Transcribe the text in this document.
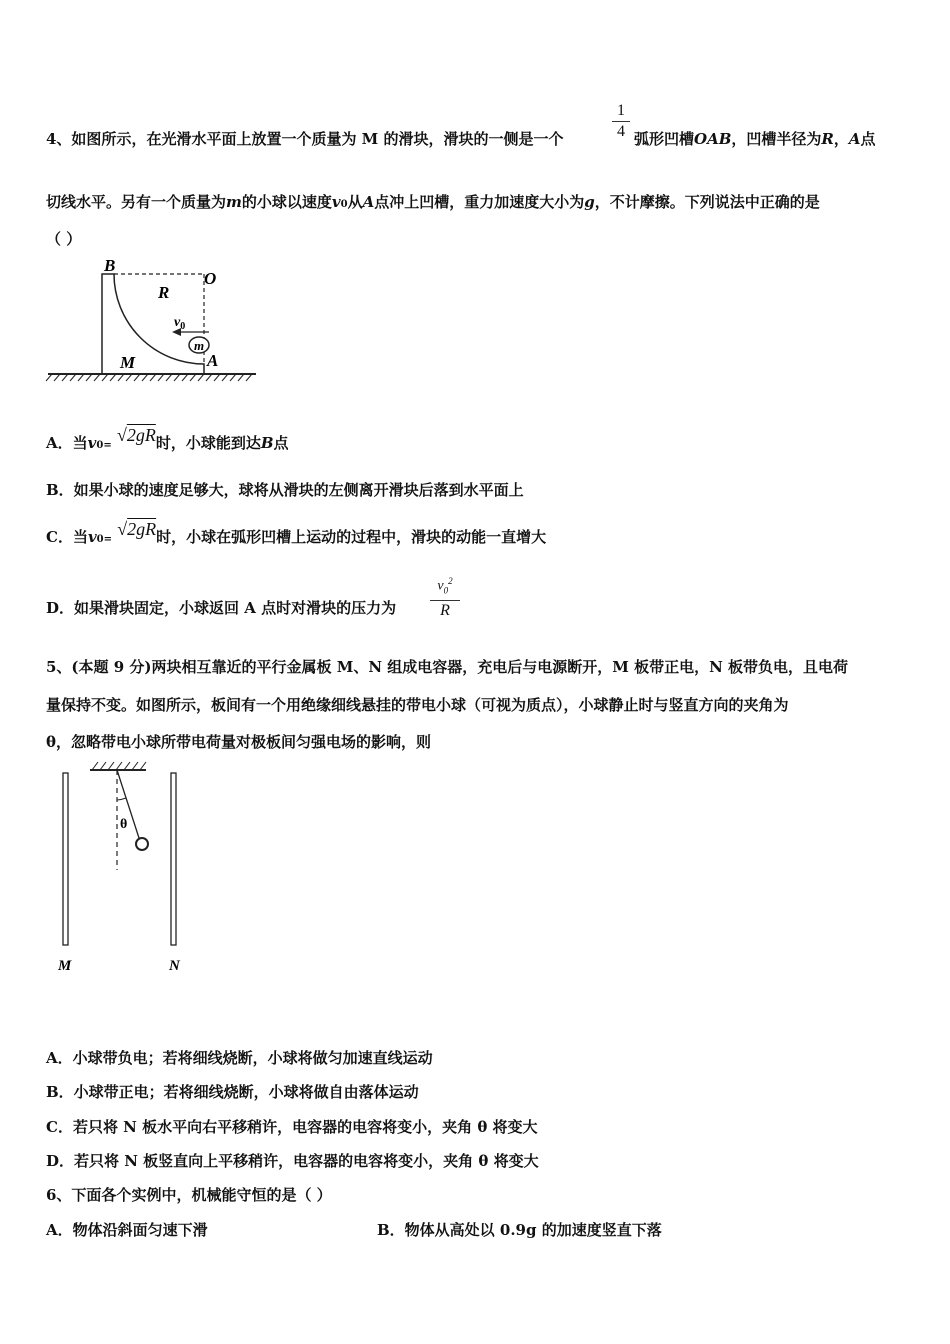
4、如图所示，在光滑水平面上放置一个质量为 M 的滑块，滑块的一侧是一个
1
4 弧形凹槽OAB，凹槽半径为R，A点
切线水平。另有一个质量为m的小球以速度v0从A点冲上凹槽，重力加速度大小为g，不计摩擦。下列说法中正确的是
（ ）
B
O
R
$v_0$
m
M	A
A．当v0= √2gR时，小球能到达B点
B．如果小球的速度足够大，球将从滑块的左侧离开滑块后落到水平面上
C．当v0= √2gR时，小球在弧形凹槽上运动的过程中，滑块的动能一直增大
D．如果滑块固定，小球返回 A 点时对滑块的压力为
$v_0^2$
R
5、(本题 9 分)两块相互靠近的平行金属板 M、N 组成电容器，充电后与电源断开，M 板带正电，N 板带负电，且电荷
量保持不变。如图所示，板间有一个用绝缘细线悬挂的带电小球（可视为质点），小球静止时与竖直方向的夹角为
θ，忽略带电小球所带电荷量对极板间匀强电场的影响，则
θ
M	N
A．小球带负电；若将细线烧断，小球将做匀加速直线运动
B．小球带正电；若将细线烧断，小球将做自由落体运动
C．若只将 N 板水平向右平移稍许，电容器的电容将变小，夹角 θ 将变大
D．若只将 N 板竖直向上平移稍许，电容器的电容将变小，夹角 θ 将变大
6、下面各个实例中，机械能守恒的是（ ）
A．物体沿斜面匀速下滑	B．物体从高处以 0.9g 的加速度竖直下落
